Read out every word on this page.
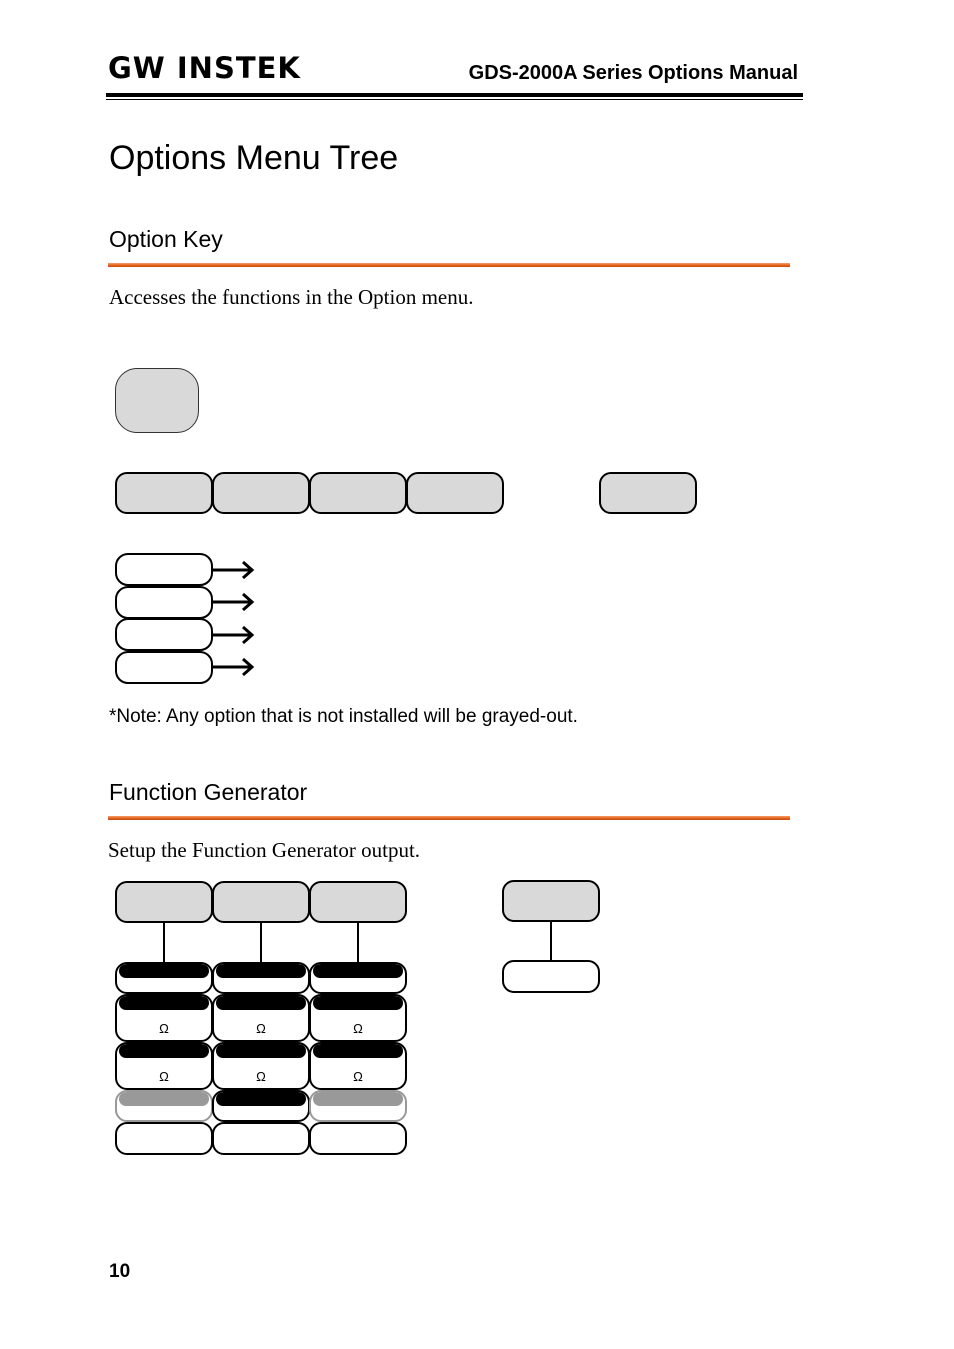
GW INSTEK	GDS-2000A Series Options Manual
Options Menu Tree
Option Key
Accesses the functions in the Option menu.
*Note: Any option that is not installed will be grayed-out.
Function Generator
Setup the Function Generator output.
Ω
Ω
Ω
Ω
Ω
Ω
10
